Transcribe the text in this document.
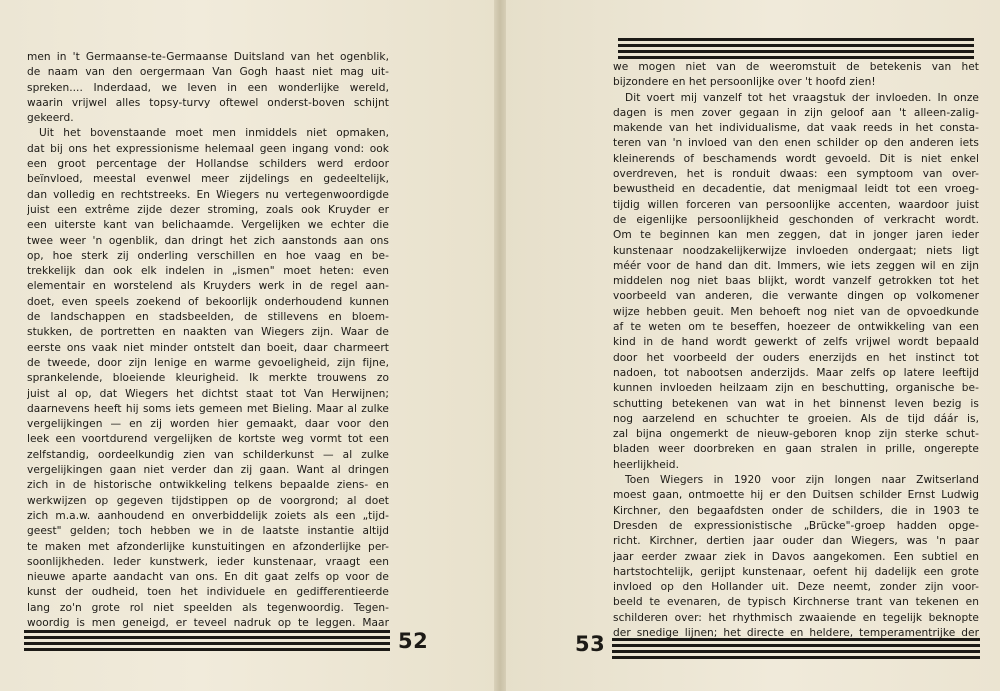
52	53
men in 't Germaanse-te-Germaanse Duitsland van het ogenblik,
de naam van den oergermaan Van Gogh haast niet mag uit-
spreken.... Inderdaad, we leven in een wonderlijke wereld,
waarin vrijwel alles topsy-turvy oftewel onderst-boven schijnt
gekeerd.
Uit het bovenstaande moet men inmiddels niet opmaken,
dat bij ons het expressionisme helemaal geen ingang vond: ook
een groot percentage der Hollandse schilders werd erdoor
beïnvloed, meestal evenwel meer zijdelings en gedeeltelijk,
dan volledig en rechtstreeks. En Wiegers nu vertegenwoordigde
juist een extrême zijde dezer stroming, zoals ook Kruyder er
een uiterste kant van belichaamde. Vergelijken we echter die
twee weer 'n ogenblik, dan dringt het zich aanstonds aan ons
op, hoe sterk zij onderling verschillen en hoe vaag en be-
trekkelijk dan ook elk indelen in „ismen" moet heten: even
elementair en worstelend als Kruyders werk in de regel aan-
doet, even speels zoekend of bekoorlijk onderhoudend kunnen
de landschappen en stadsbeelden, de stillevens en bloem-
stukken, de portretten en naakten van Wiegers zijn. Waar de
eerste ons vaak niet minder ontstelt dan boeit, daar charmeert
de tweede, door zijn lenige en warme gevoeligheid, zijn fijne,
sprankelende, bloeiende kleurigheid. Ik merkte trouwens zo
juist al op, dat Wiegers het dichtst staat tot Van Herwijnen;
daarnevens heeft hij soms iets gemeen met Bieling. Maar al zulke
vergelijkingen — en zij worden hier gemaakt, daar voor den
leek een voortdurend vergelijken de kortste weg vormt tot een
zelfstandig, oordeelkundig zien van schilderkunst — al zulke
vergelijkingen gaan niet verder dan zij gaan. Want al dringen
zich in de historische ontwikkeling telkens bepaalde ziens- en
werkwijzen op gegeven tijdstippen op de voorgrond; al doet
zich m.a.w. aanhoudend en onverbiddelijk zoiets als een „tijd-
geest" gelden; toch hebben we in de laatste instantie altijd
te maken met afzonderlijke kunstuitingen en afzonderlijke per-
soonlijkheden. Ieder kunstwerk, ieder kunstenaar, vraagt een
nieuwe aparte aandacht van ons. En dit gaat zelfs op voor de
kunst der oudheid, toen het individuele en gedifferentieerde
lang zo'n grote rol niet speelden als tegenwoordig. Tegen-
woordig is men geneigd, er teveel nadruk op te leggen. Maar
we mogen niet van de weeromstuit de betekenis van het
bijzondere en het persoonlijke over 't hoofd zien!
Dit voert mij vanzelf tot het vraagstuk der invloeden. In onze
dagen is men zover gegaan in zijn geloof aan 't alleen-zalig-
makende van het individualisme, dat vaak reeds in het consta-
teren van 'n invloed van den enen schilder op den anderen iets
kleinerends of beschamends wordt gevoeld. Dit is niet enkel
overdreven, het is ronduit dwaas: een symptoom van over-
bewustheid en decadentie, dat menigmaal leidt tot een vroeg-
tijdig willen forceren van persoonlijke accenten, waardoor juist
de eigenlijke persoonlijkheid geschonden of verkracht wordt.
Om te beginnen kan men zeggen, dat in jonger jaren ieder
kunstenaar noodzakelijkerwijze invloeden ondergaat; niets ligt
méér voor de hand dan dit. Immers, wie iets zeggen wil en zijn
middelen nog niet baas blijkt, wordt vanzelf getrokken tot het
voorbeeld van anderen, die verwante dingen op volkomener
wijze hebben geuit. Men behoeft nog niet van de opvoedkunde
af te weten om te beseffen, hoezeer de ontwikkeling van een
kind in de hand wordt gewerkt of zelfs vrijwel wordt bepaald
door het voorbeeld der ouders enerzijds en het instinct tot
nadoen, tot nabootsen anderzijds. Maar zelfs op latere leeftijd
kunnen invloeden heilzaam zijn en beschutting, organische be-
schutting betekenen van wat in het binnenst leven bezig is
nog aarzelend en schuchter te groeien. Als de tijd dáár is,
zal bijna ongemerkt de nieuw-geboren knop zijn sterke schut-
bladen weer doorbreken en gaan stralen in prille, ongerepte
heerlijkheid.
Toen Wiegers in 1920 voor zijn longen naar Zwitserland
moest gaan, ontmoette hij er den Duitsen schilder Ernst Ludwig
Kirchner, den begaafdsten onder de schilders, die in 1903 te
Dresden de expressionistische „Brücke"-groep hadden opge-
richt. Kirchner, dertien jaar ouder dan Wiegers, was 'n paar
jaar eerder zwaar ziek in Davos aangekomen. Een subtiel en
hartstochtelijk, gerijpt kunstenaar, oefent hij dadelijk een grote
invloed op den Hollander uit. Deze neemt, zonder zijn voor-
beeld te evenaren, de typisch Kirchnerse trant van tekenen en
schilderen over: het rhythmisch zwaaiende en tegelijk beknopte
der snedige lijnen; het directe en heldere, temperamentrijke der
